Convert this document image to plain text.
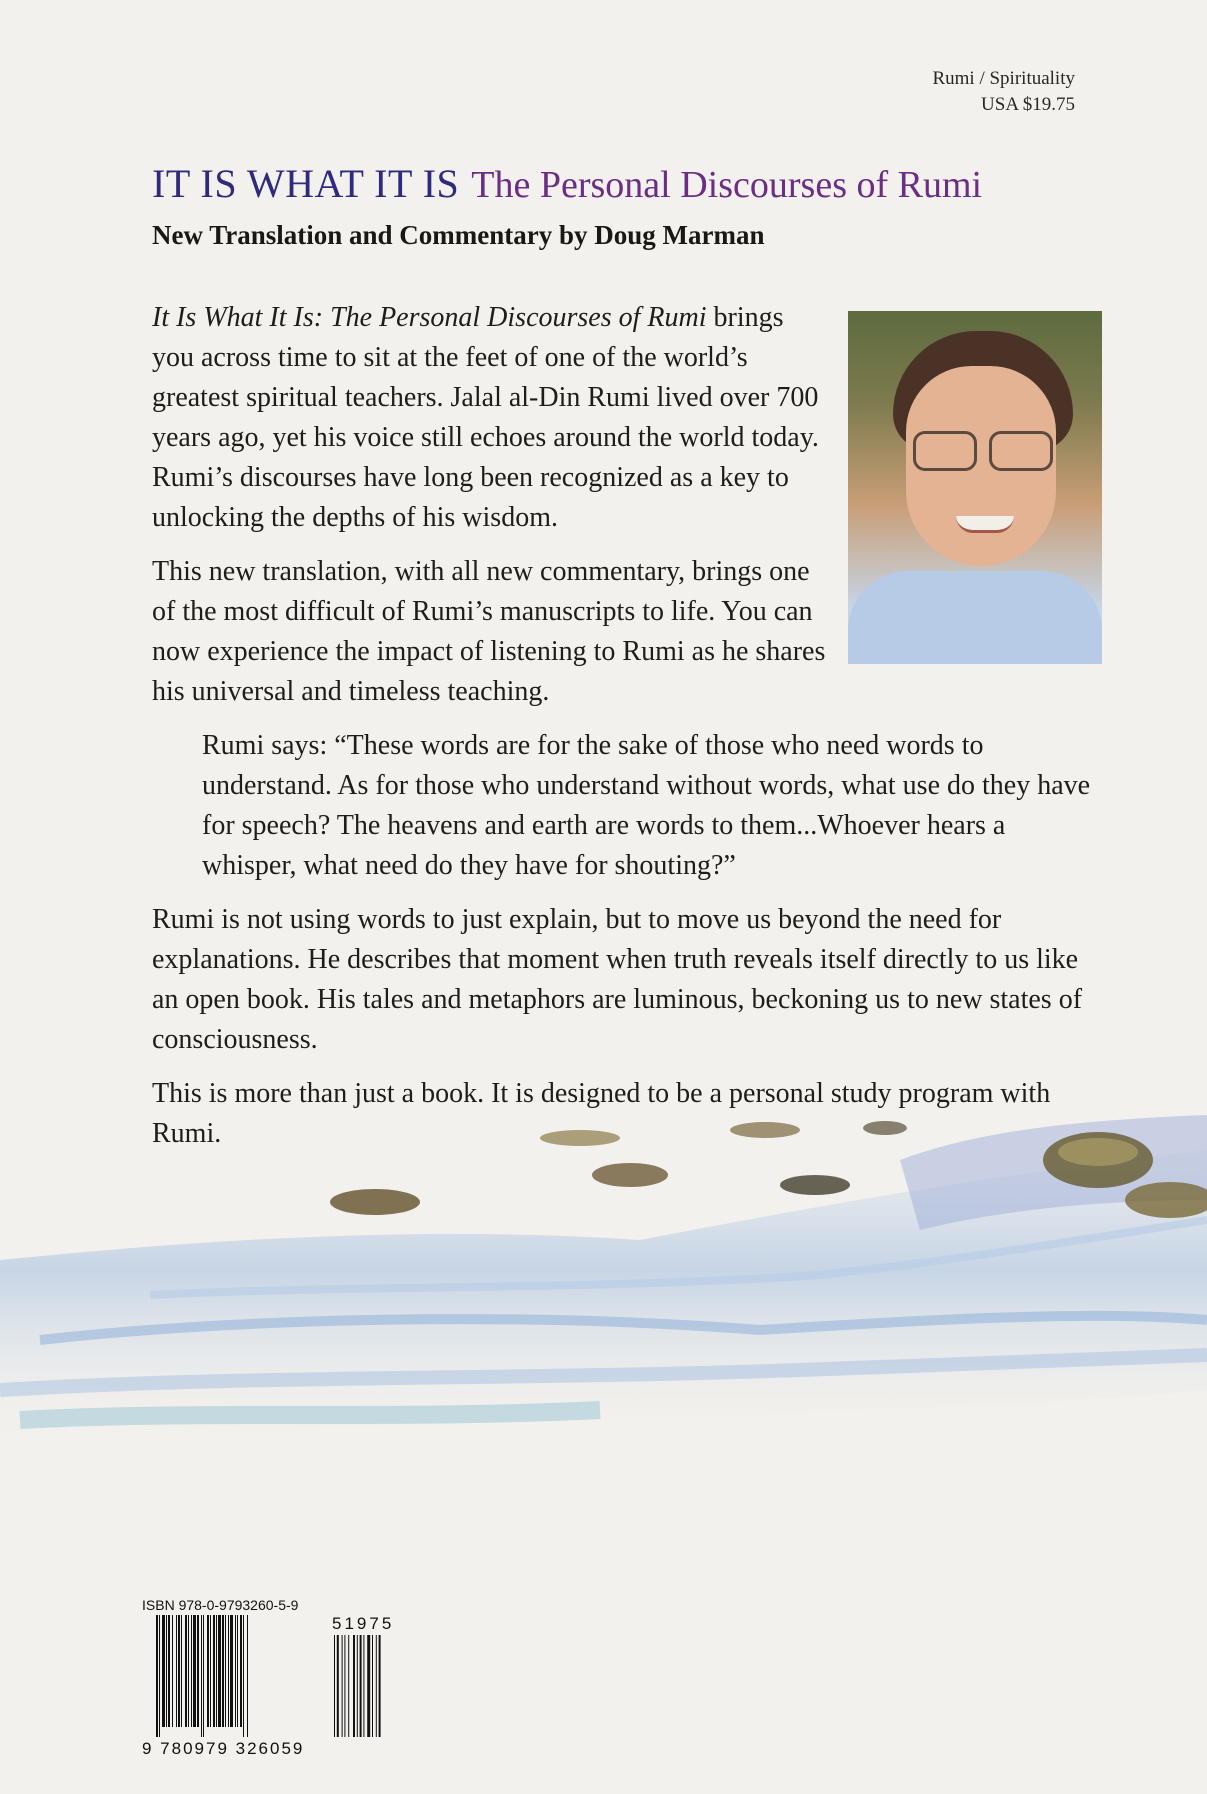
Rumi / Spirituality
USA $19.75
IT IS WHAT IT IS The Personal Discourses of Rumi
New Translation and Commentary by Doug Marman

It Is What It Is: The Personal Discourses of Rumi brings you across time to sit at the feet of one of the world’s greatest spiritual teachers. Jalal al-Din Rumi lived over 700 years ago, yet his voice still echoes around the world today. Rumi’s discourses have long been recognized as a key to unlocking the depths of his wisdom.

This new translation, with all new commentary, brings one of the most difficult of Rumi’s manuscripts to life. You can now experience the impact of listening to Rumi as he shares his universal and timeless teaching.

Rumi says: “These words are for the sake of those who need words to understand. As for those who understand without words, what use do they have for speech? The heavens and earth are words to them...Whoever hears a whisper, what need do they have for shouting?”

Rumi is not using words to just explain, but to move us beyond the need for explanations. He describes that moment when truth reveals itself directly to us like an open book. His tales and metaphors are luminous, beckoning us to new states of consciousness.

This is more than just a book. It is designed to be a personal study program with Rumi.

ISBN 978-0-9793260-5-9
51975
9 780979 326059
